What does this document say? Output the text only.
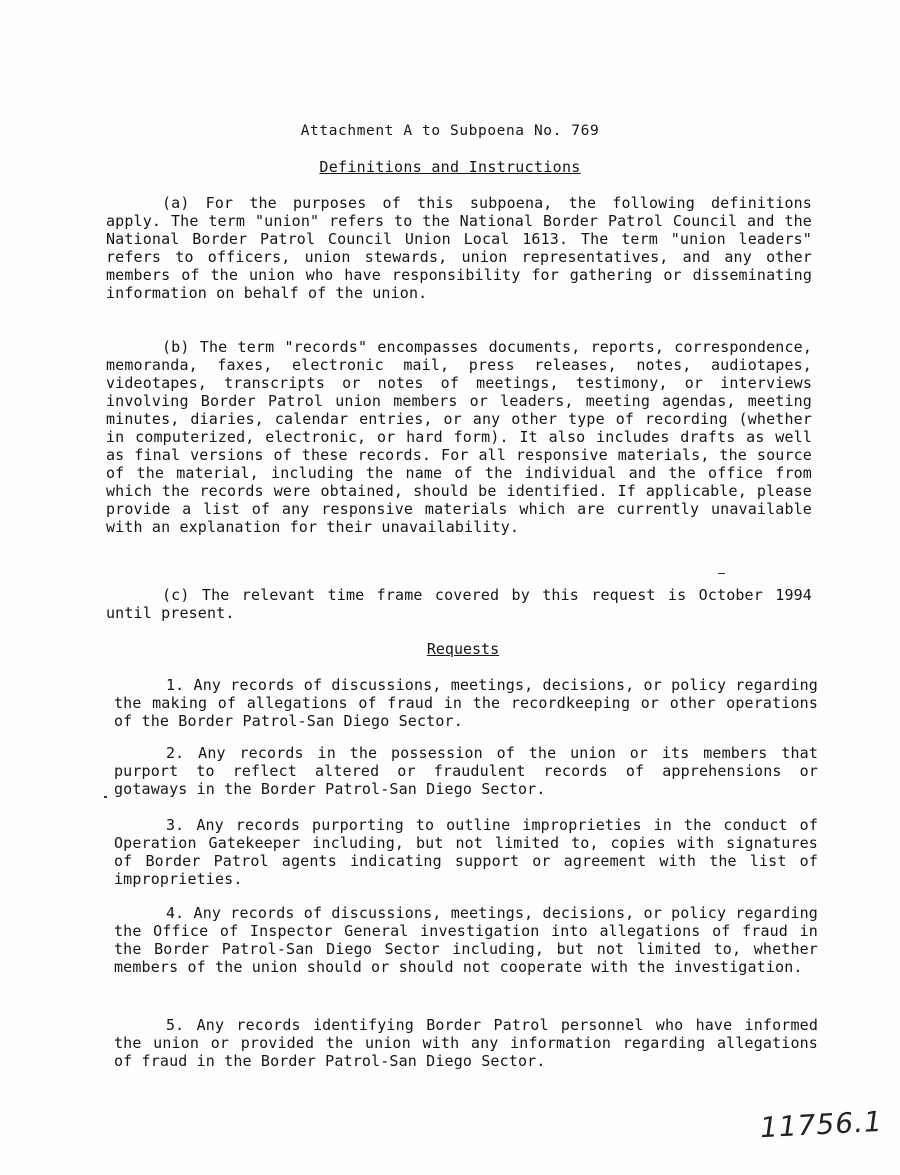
Attachment A to Subpoena No. 769
Definitions and Instructions
(a) For the purposes of this subpoena, the following definitions apply. The term "union" refers to the National Border Patrol Council and the National Border Patrol Council Union Local 1613. The term "union leaders" refers to officers, union stewards, union representatives, and any other members of the union who have responsibility for gathering or disseminating information on behalf of the union.
(b) The term "records" encompasses documents, reports, correspondence, memoranda, faxes, electronic mail, press releases, notes, audiotapes, videotapes, transcripts or notes of meetings, testimony, or interviews involving Border Patrol union members or leaders, meeting agendas, meeting minutes, diaries, calendar entries, or any other type of recording (whether in computerized, electronic, or hard form). It also includes drafts as well as final versions of these records. For all responsive materials, the source of the material, including the name of the individual and the office from which the records were obtained, should be identified. If applicable, please provide a list of any responsive materials which are currently unavailable with an explanation for their unavailability.
(c) The relevant time frame covered by this request is October 1994 until present.
Requests
1. Any records of discussions, meetings, decisions, or policy regarding the making of allegations of fraud in the recordkeeping or other operations of the Border Patrol-San Diego Sector.
2. Any records in the possession of the union or its members that purport to reflect altered or fraudulent records of apprehensions or gotaways in the Border Patrol-San Diego Sector.
3. Any records purporting to outline improprieties in the conduct of Operation Gatekeeper including, but not limited to, copies with signatures of Border Patrol agents indicating support or agreement with the list of improprieties.
4. Any records of discussions, meetings, decisions, or policy regarding the Office of Inspector General investigation into allegations of fraud in the Border Patrol-San Diego Sector including, but not limited to, whether members of the union should or should not cooperate with the investigation.
5. Any records identifying Border Patrol personnel who have informed the union or provided the union with any information regarding allegations of fraud in the Border Patrol-San Diego Sector.
11756.1
